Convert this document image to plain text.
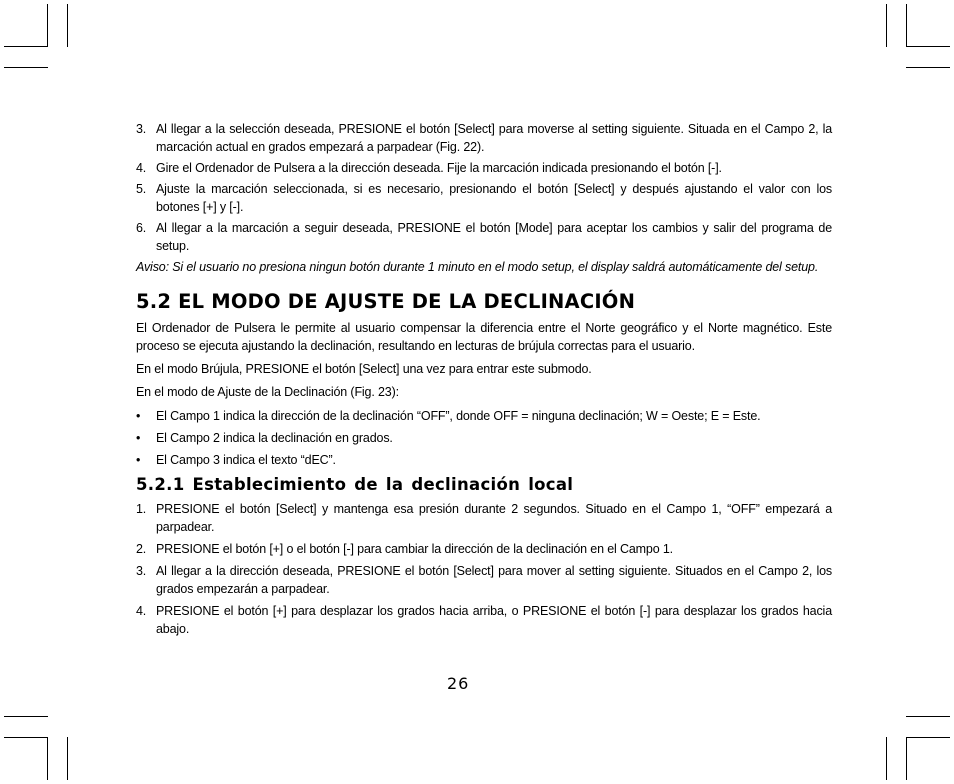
3. Al llegar a la selección deseada, PRESIONE el botón [Select] para moverse al setting siguiente. Situada en el Campo 2, la marcación actual en grados empezará a parpadear (Fig. 22).
4. Gire el Ordenador de Pulsera a la dirección deseada. Fije la marcación indicada presionando el botón [-].
5. Ajuste la marcación seleccionada, si es necesario, presionando el botón [Select] y después ajustando el valor con los botones [+] y [-].
6. Al llegar a la marcación a seguir deseada, PRESIONE el botón [Mode] para aceptar los cambios y salir del programa de setup.

Aviso: Si el usuario no presiona ningun botón durante 1 minuto en el modo setup, el display saldrá automáticamente del setup.

5.2 EL MODO DE AJUSTE DE LA DECLINACIÓN

El Ordenador de Pulsera le permite al usuario compensar la diferencia entre el Norte geográfico y el Norte magnético. Este proceso se ejecuta ajustando la declinación, resultando en lecturas de brújula correctas para el usuario.

En el modo Brújula, PRESIONE el botón [Select] una vez para entrar este submodo.

En el modo de Ajuste de la Declinación (Fig. 23):

• El Campo 1 indica la dirección de la declinación “OFF”, donde OFF = ninguna declinación; W = Oeste; E = Este.
• El Campo 2 indica la declinación en grados.
• El Campo 3 indica el texto “dEC”.
5.2.1 Establecimiento de la declinación local
1. PRESIONE el botón [Select] y mantenga esa presión durante 2 segundos. Situado en el Campo 1, “OFF” empezará a parpadear.
2. PRESIONE el botón [+] o el botón [-] para cambiar la dirección de la declinación en el Campo 1.
3. Al llegar a la dirección deseada, PRESIONE el botón [Select] para mover al setting siguiente. Situados en el Campo 2, los grados empezarán a parpadear.
4. PRESIONE el botón [+] para desplazar los grados hacia arriba, o PRESIONE el botón [-] para desplazar los grados hacia abajo.
26
